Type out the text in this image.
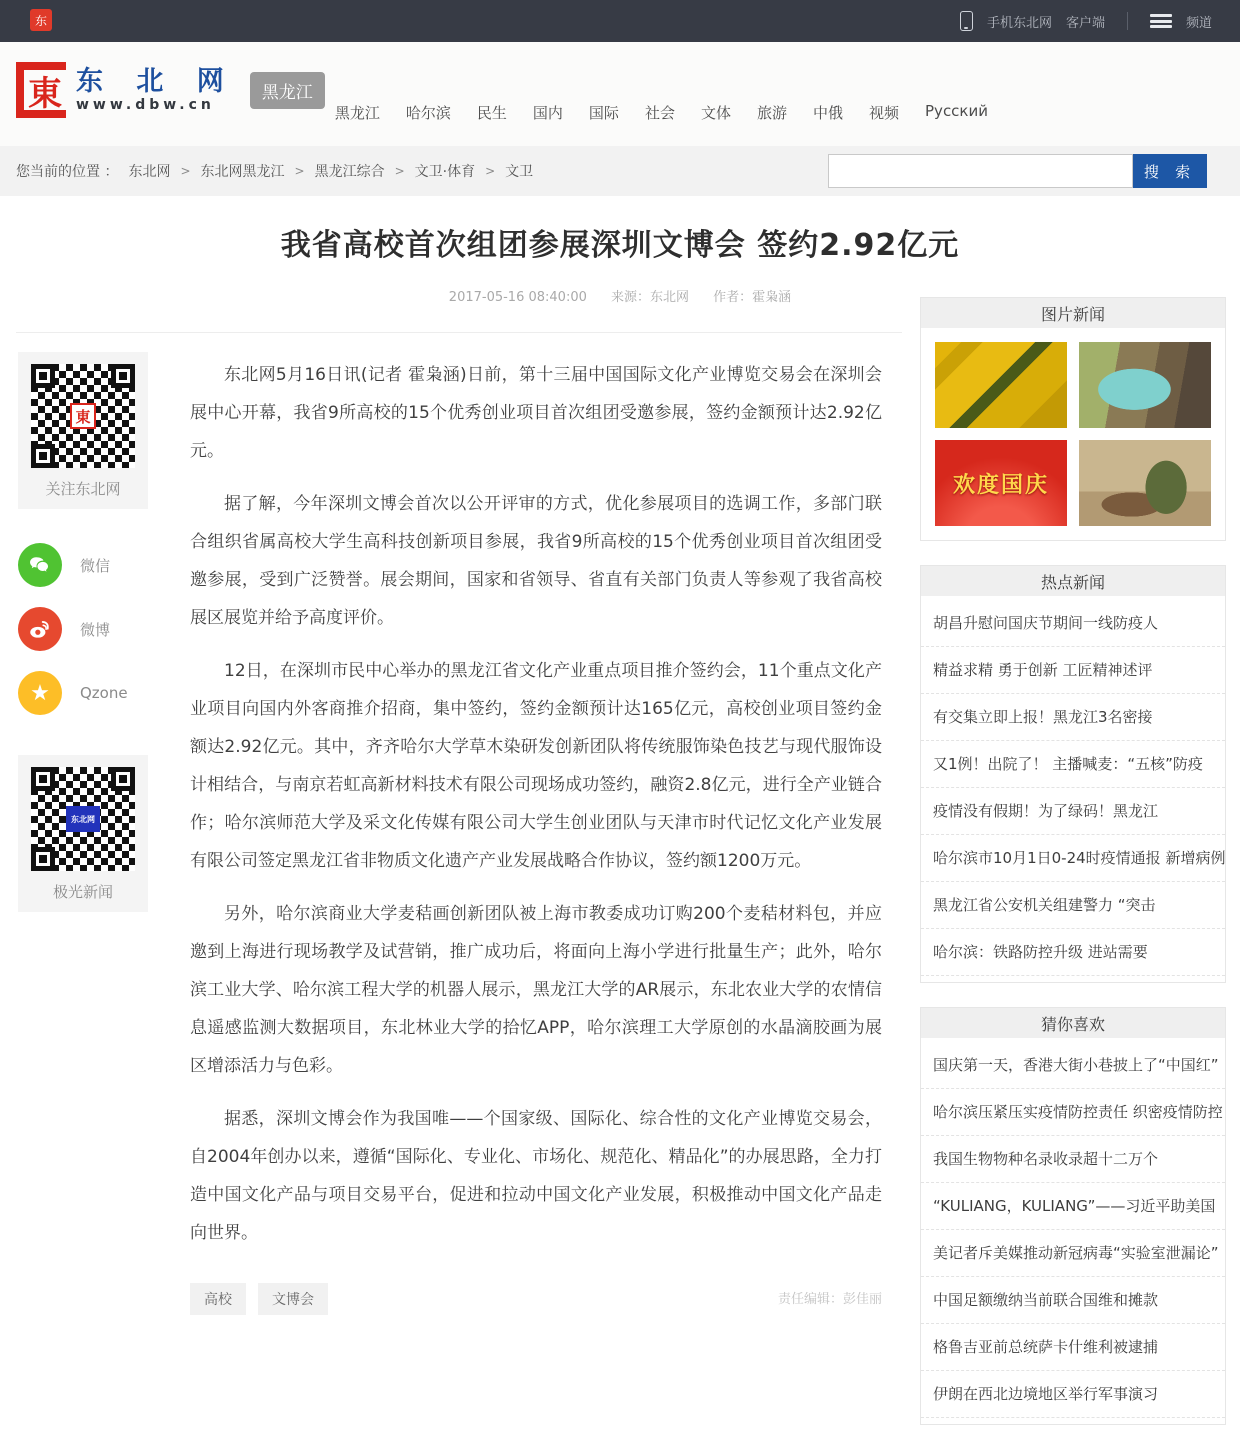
东	手机东北网 客户端	频道
東 东 北 网
www.dbw.cn
黑龙江
黑龙江 哈尔滨 民生 国内 国际 社会 文体 旅游 中俄 视频 Русский
您当前的位置 ： 东北网 > 东北网黑龙江 > 黑龙江综合 > 文卫·体育 > 文卫	搜 索
我省高校首次组团参展深圳文博会 签约2.92亿元
2017-05-16 08:40:00 来源：东北网 作者：霍枭涵
東
关注东北网
微信
微博
★	Qzone
东北网
极光新闻

东北网5月16日讯(记者 霍枭涵)日前，第十三届中国国际文化产业博览交易会在深圳会展中心开幕，我省9所高校的15个优秀创业项目首次组团受邀参展，签约金额预计达2.92亿元。

据了解，今年深圳文博会首次以公开评审的方式，优化参展项目的选调工作，多部门联合组织省属高校大学生高科技创新项目参展，我省9所高校的15个优秀创业项目首次组团受邀参展，受到广泛赞誉。展会期间，国家和省领导、省直有关部门负责人等参观了我省高校展区展览并给予高度评价。

12日，在深圳市民中心举办的黑龙江省文化产业重点项目推介签约会，11个重点文化产业项目向国内外客商推介招商，集中签约，签约金额预计达165亿元，高校创业项目签约金额达2.92亿元。其中，齐齐哈尔大学草木染研发创新团队将传统服饰染色技艺与现代服饰设计相结合，与南京若虹高新材料技术有限公司现场成功签约，融资2.8亿元，进行全产业链合作；哈尔滨师范大学及采文化传媒有限公司大学生创业团队与天津市时代记忆文化产业发展有限公司签定黑龙江省非物质文化遗产产业发展战略合作协议，签约额1200万元。

另外，哈尔滨商业大学麦秸画创新团队被上海市教委成功订购200个麦秸材料包，并应邀到上海进行现场教学及试营销，推广成功后，将面向上海小学进行批量生产；此外，哈尔滨工业大学、哈尔滨工程大学的机器人展示，黑龙江大学的AR展示，东北农业大学的农情信息遥感监测大数据项目，东北林业大学的拾忆APP，哈尔滨理工大学原创的水晶滴胶画为展区增添活力与色彩。

据悉，深圳文博会作为我国唯——个国家级、国际化、综合性的文化产业博览交易会，自2004年创办以来，遵循“国际化、专业化、市场化、规范化、精品化”的办展思路，全力打造中国文化产品与项目交易平台，促进和拉动中国文化产业发展，积极推动中国文化产品走向世界。

高校	文博会	责任编辑：彭佳丽
图片新闻
欢度国庆
热点新闻
胡昌升慰问国庆节期间一线防疫人
精益求精 勇于创新 工匠精神述评
有交集立即上报！黑龙江3名密接
又1例！出院了！ 主播喊麦：“五核”防疫
疫情没有假期！为了绿码！黑龙江
哈尔滨市10月1日0-24时疫情通报 新增病例
黑龙江省公安机关组建警力 “突击
哈尔滨：铁路防控升级 进站需要
猜你喜欢
国庆第一天，香港大街小巷披上了“中国红”
哈尔滨压紧压实疫情防控责任 织密疫情防控
我国生物物种名录收录超十二万个
“KULIANG，KULIANG”——习近平助美国
美记者斥美媒推动新冠病毒“实验室泄漏论”
中国足额缴纳当前联合国维和摊款
格鲁吉亚前总统萨卡什维利被逮捕
伊朗在西北边境地区举行军事演习
